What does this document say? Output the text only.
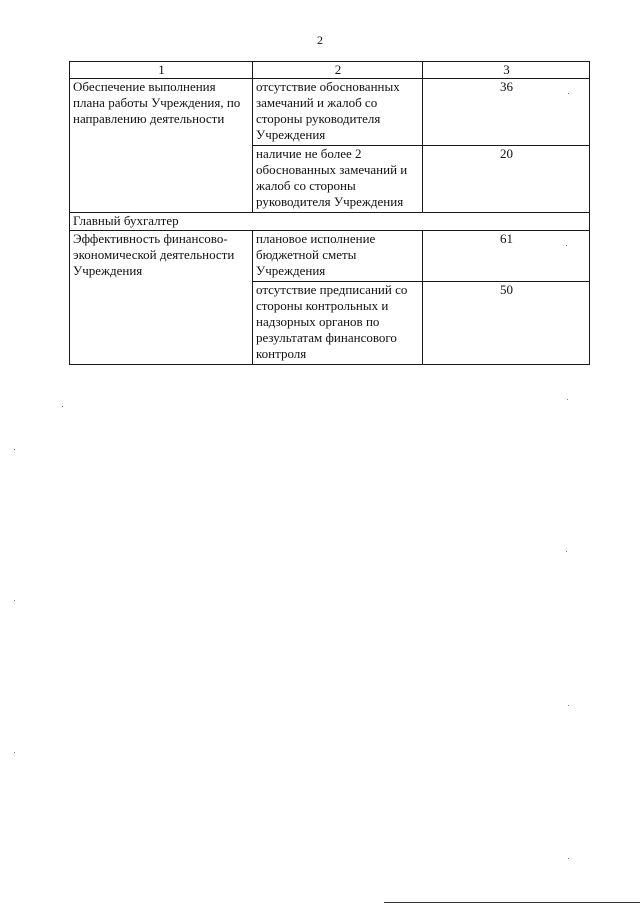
2
1	2	3
Обеспечение выполнения плана работы Учреждения, по направлению деятельности	отсутствие обоснованных замечаний и жалоб со стороны руководителя Учреждения	36
	наличие не более 2 обоснованных замечаний и жалоб со стороны руководителя Учреждения	20
Главный бухгалтер		
Эффективность финансово-экономической деятельности Учреждения	плановое исполнение бюджетной сметы Учреждения	61
	отсутствие предписаний со стороны контрольных и надзорных органов по результатам финансового контроля	50
